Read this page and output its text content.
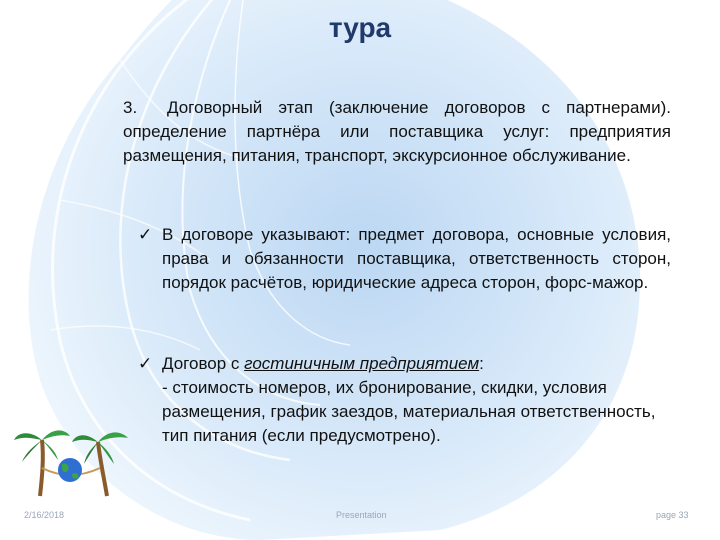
тура
3. Договорный этап (заключение договоров с партнерами). определение партнёра или поставщика услуг: предприятия размещения, питания, транспорт, экскурсионное обслуживание.
✓ В договоре указывают: предмет договора, основные условия, права и обязанности поставщика, ответственность сторон, порядок расчётов, юридические адреса сторон, форс-мажор.
✓ Договор с гостиничным предприятием:
- стоимость номеров, их бронирование, скидки, условия размещения, график заездов, материальная ответственность, тип питания (если предусмотрено).
2/16/2018	Presentation	page 33
